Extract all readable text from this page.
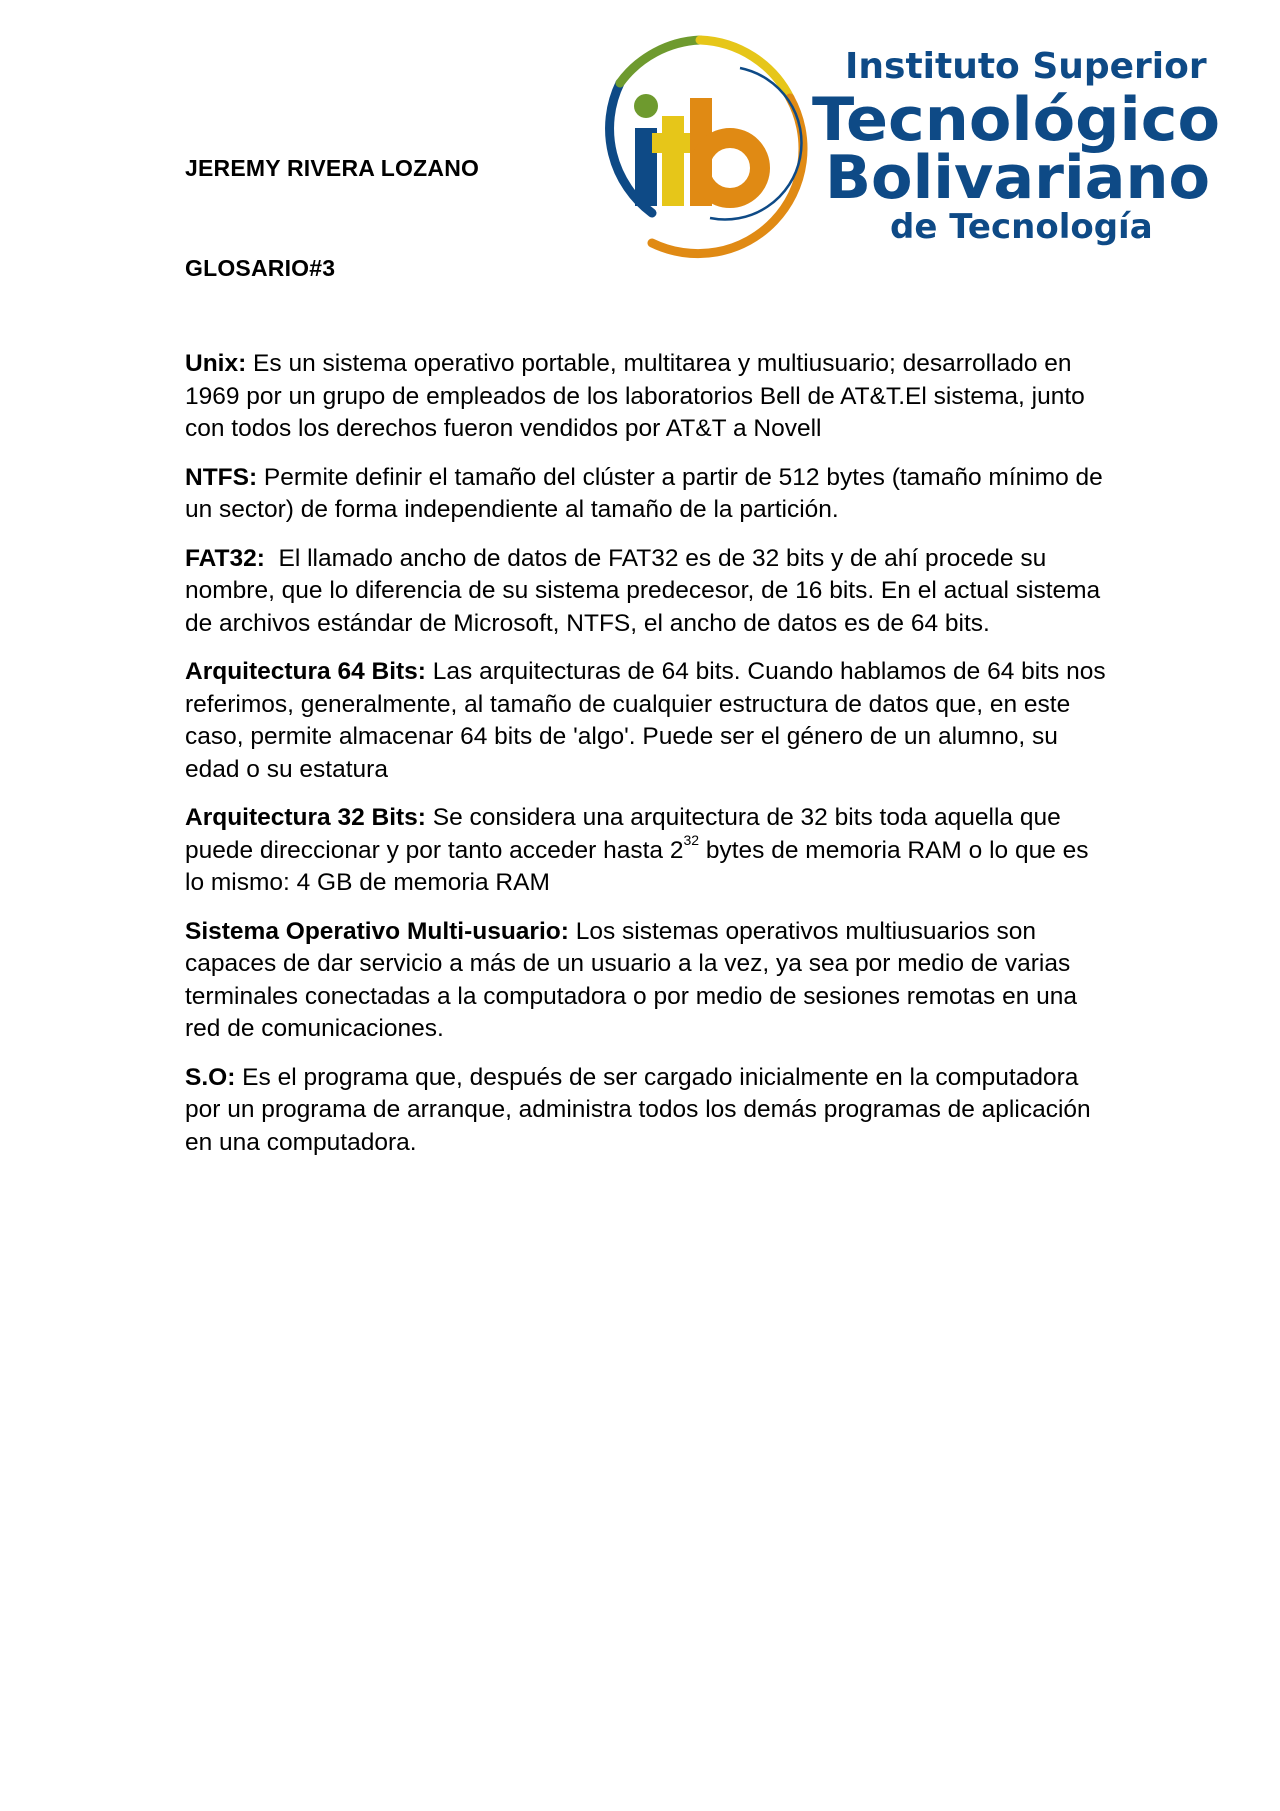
JEREMY RIVERA LOZANO
GLOSARIO#3
Instituto Superior
Tecnológico
Bolivariano
de Tecnología

Unix: Es un sistema operativo portable, multitarea y multiusuario; desarrollado en 1969 por un grupo de empleados de los laboratorios Bell de AT&T.El sistema, junto con todos los derechos fueron vendidos por AT&T a Novell

NTFS: Permite definir el tamaño del clúster a partir de 512 bytes (tamaño mínimo de un sector) de forma independiente al tamaño de la partición.

FAT32:  El llamado ancho de datos de FAT32 es de 32 bits y de ahí procede su nombre, que lo diferencia de su sistema predecesor, de 16 bits. En el actual sistema de archivos estándar de Microsoft, NTFS, el ancho de datos es de 64 bits.

Arquitectura 64 Bits: Las arquitecturas de 64 bits. Cuando hablamos de 64 bits nos referimos, generalmente, al tamaño de cualquier estructura de datos que, en este caso, permite almacenar 64 bits de 'algo'. Puede ser el género de un alumno, su edad o su estatura

Arquitectura 32 Bits: Se considera una arquitectura de 32 bits toda aquella que puede direccionar y por tanto acceder hasta $2^{32}$ bytes de memoria RAM o lo que es lo mismo: 4 GB de memoria RAM

Sistema Operativo Multi-usuario: Los sistemas operativos multiusuarios son capaces de dar servicio a más de un usuario a la vez, ya sea por medio de varias terminales conectadas a la computadora o por medio de sesiones remotas en una red de comunicaciones.

S.O: Es el programa que, después de ser cargado inicialmente en la computadora por un programa de arranque, administra todos los demás programas de aplicación en una computadora.
